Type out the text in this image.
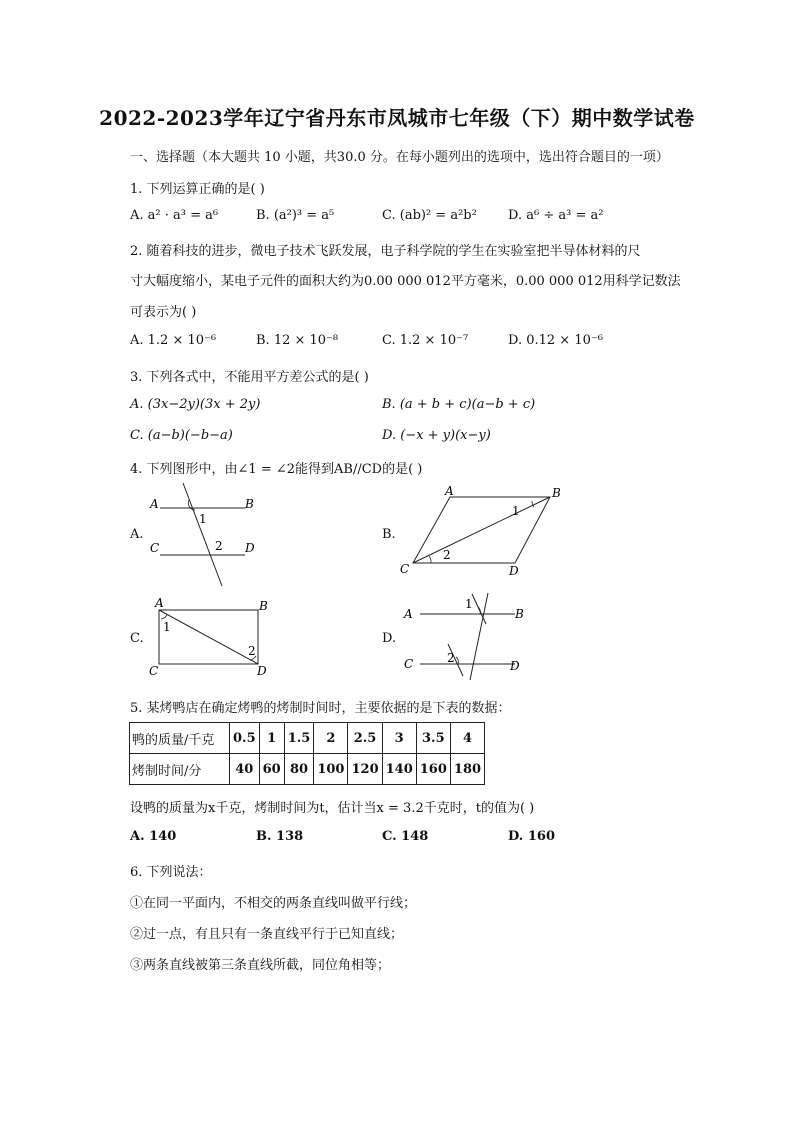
2022-2023学年辽宁省丹东市凤城市七年级（下）期中数学试卷
一、选择题（本大题共 10 小题，共30.0 分。在每小题列出的选项中，选出符合题目的一项）
1. 下列运算正确的是( )
A. a² · a³ = a⁶	B. (a²)³ = a⁵	C. (ab)² = a²b² D. a⁶ ÷ a³ = a²
2. 随着科技的进步，微电子技术飞跃发展，电子科学院的学生在实验室把半导体材料的尺
寸大幅度缩小，某电子元件的面积大约为0.00 000 012平方毫米，0.00 000 012用科学记数法
可表示为( )
A. 1.2 × 10⁻⁶	B. 12 × 10⁻⁸	C. 1.2 × 10⁻⁷	D. 0.12 × 10⁻⁶
3. 下列各式中，不能用平方差公式的是( )
A. (3x−2y)(3x + 2y)	B. (a + b + c)(a−b + c)
C. (a−b)(−b−a)	D. (−x + y)(x−y)
4. 下列图形中，由∠1 = ∠2能得到AB//CD的是( )
A.	B.
C.	D.
A	B
C	D
1
2
A	B
C	D
1
2
A	B
C	D
1
2
A	B
C	D
1
2
5. 某烤鸭店在确定烤鸭的烤制时间时，主要依据的是下表的数据：
鸭的质量/千克	0.5	1	1.5	2	2.5	3	3.5	4
烤制时间/分	40	60	80	100	120	140	160	180
设鸭的质量为x千克，烤制时间为t，估计当x = 3.2千克时，t的值为( )
A. 140	B. 138	C. 148	D. 160
6. 下列说法：
①在同一平面内，不相交的两条直线叫做平行线；
②过一点，有且只有一条直线平行于已知直线；
③两条直线被第三条直线所截，同位角相等；
